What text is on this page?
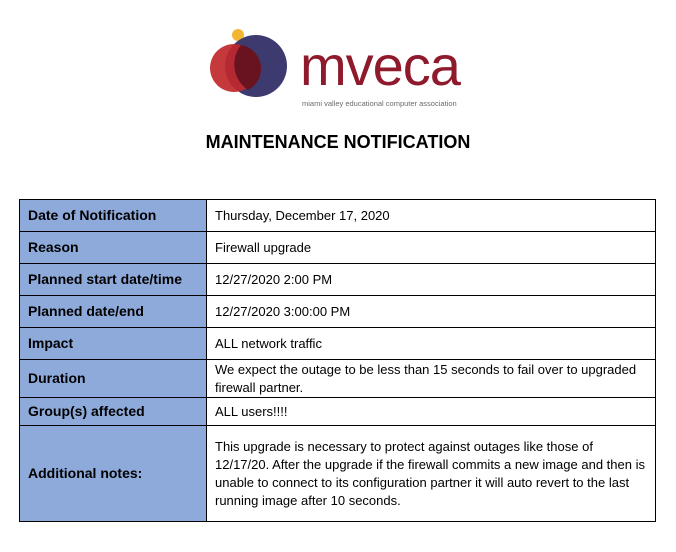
mveca
miami valley educational computer association
MAINTENANCE NOTIFICATION
Date of Notification	Thursday, December 17, 2020
Reason	Firewall upgrade
Planned start date/time	12/27/2020 2:00 PM
Planned date/end	12/27/2020 3:00:00 PM
Impact	ALL network traffic
Duration	We expect the outage to be less than 15 seconds to fail over to upgraded firewall partner.
Group(s) affected	ALL users!!!!
Additional notes:	This upgrade is necessary to protect against outages like those of 12/17/20. After the upgrade if the firewall commits a new image and then is unable to connect to its configuration partner it will auto revert to the last running image after 10 seconds.
